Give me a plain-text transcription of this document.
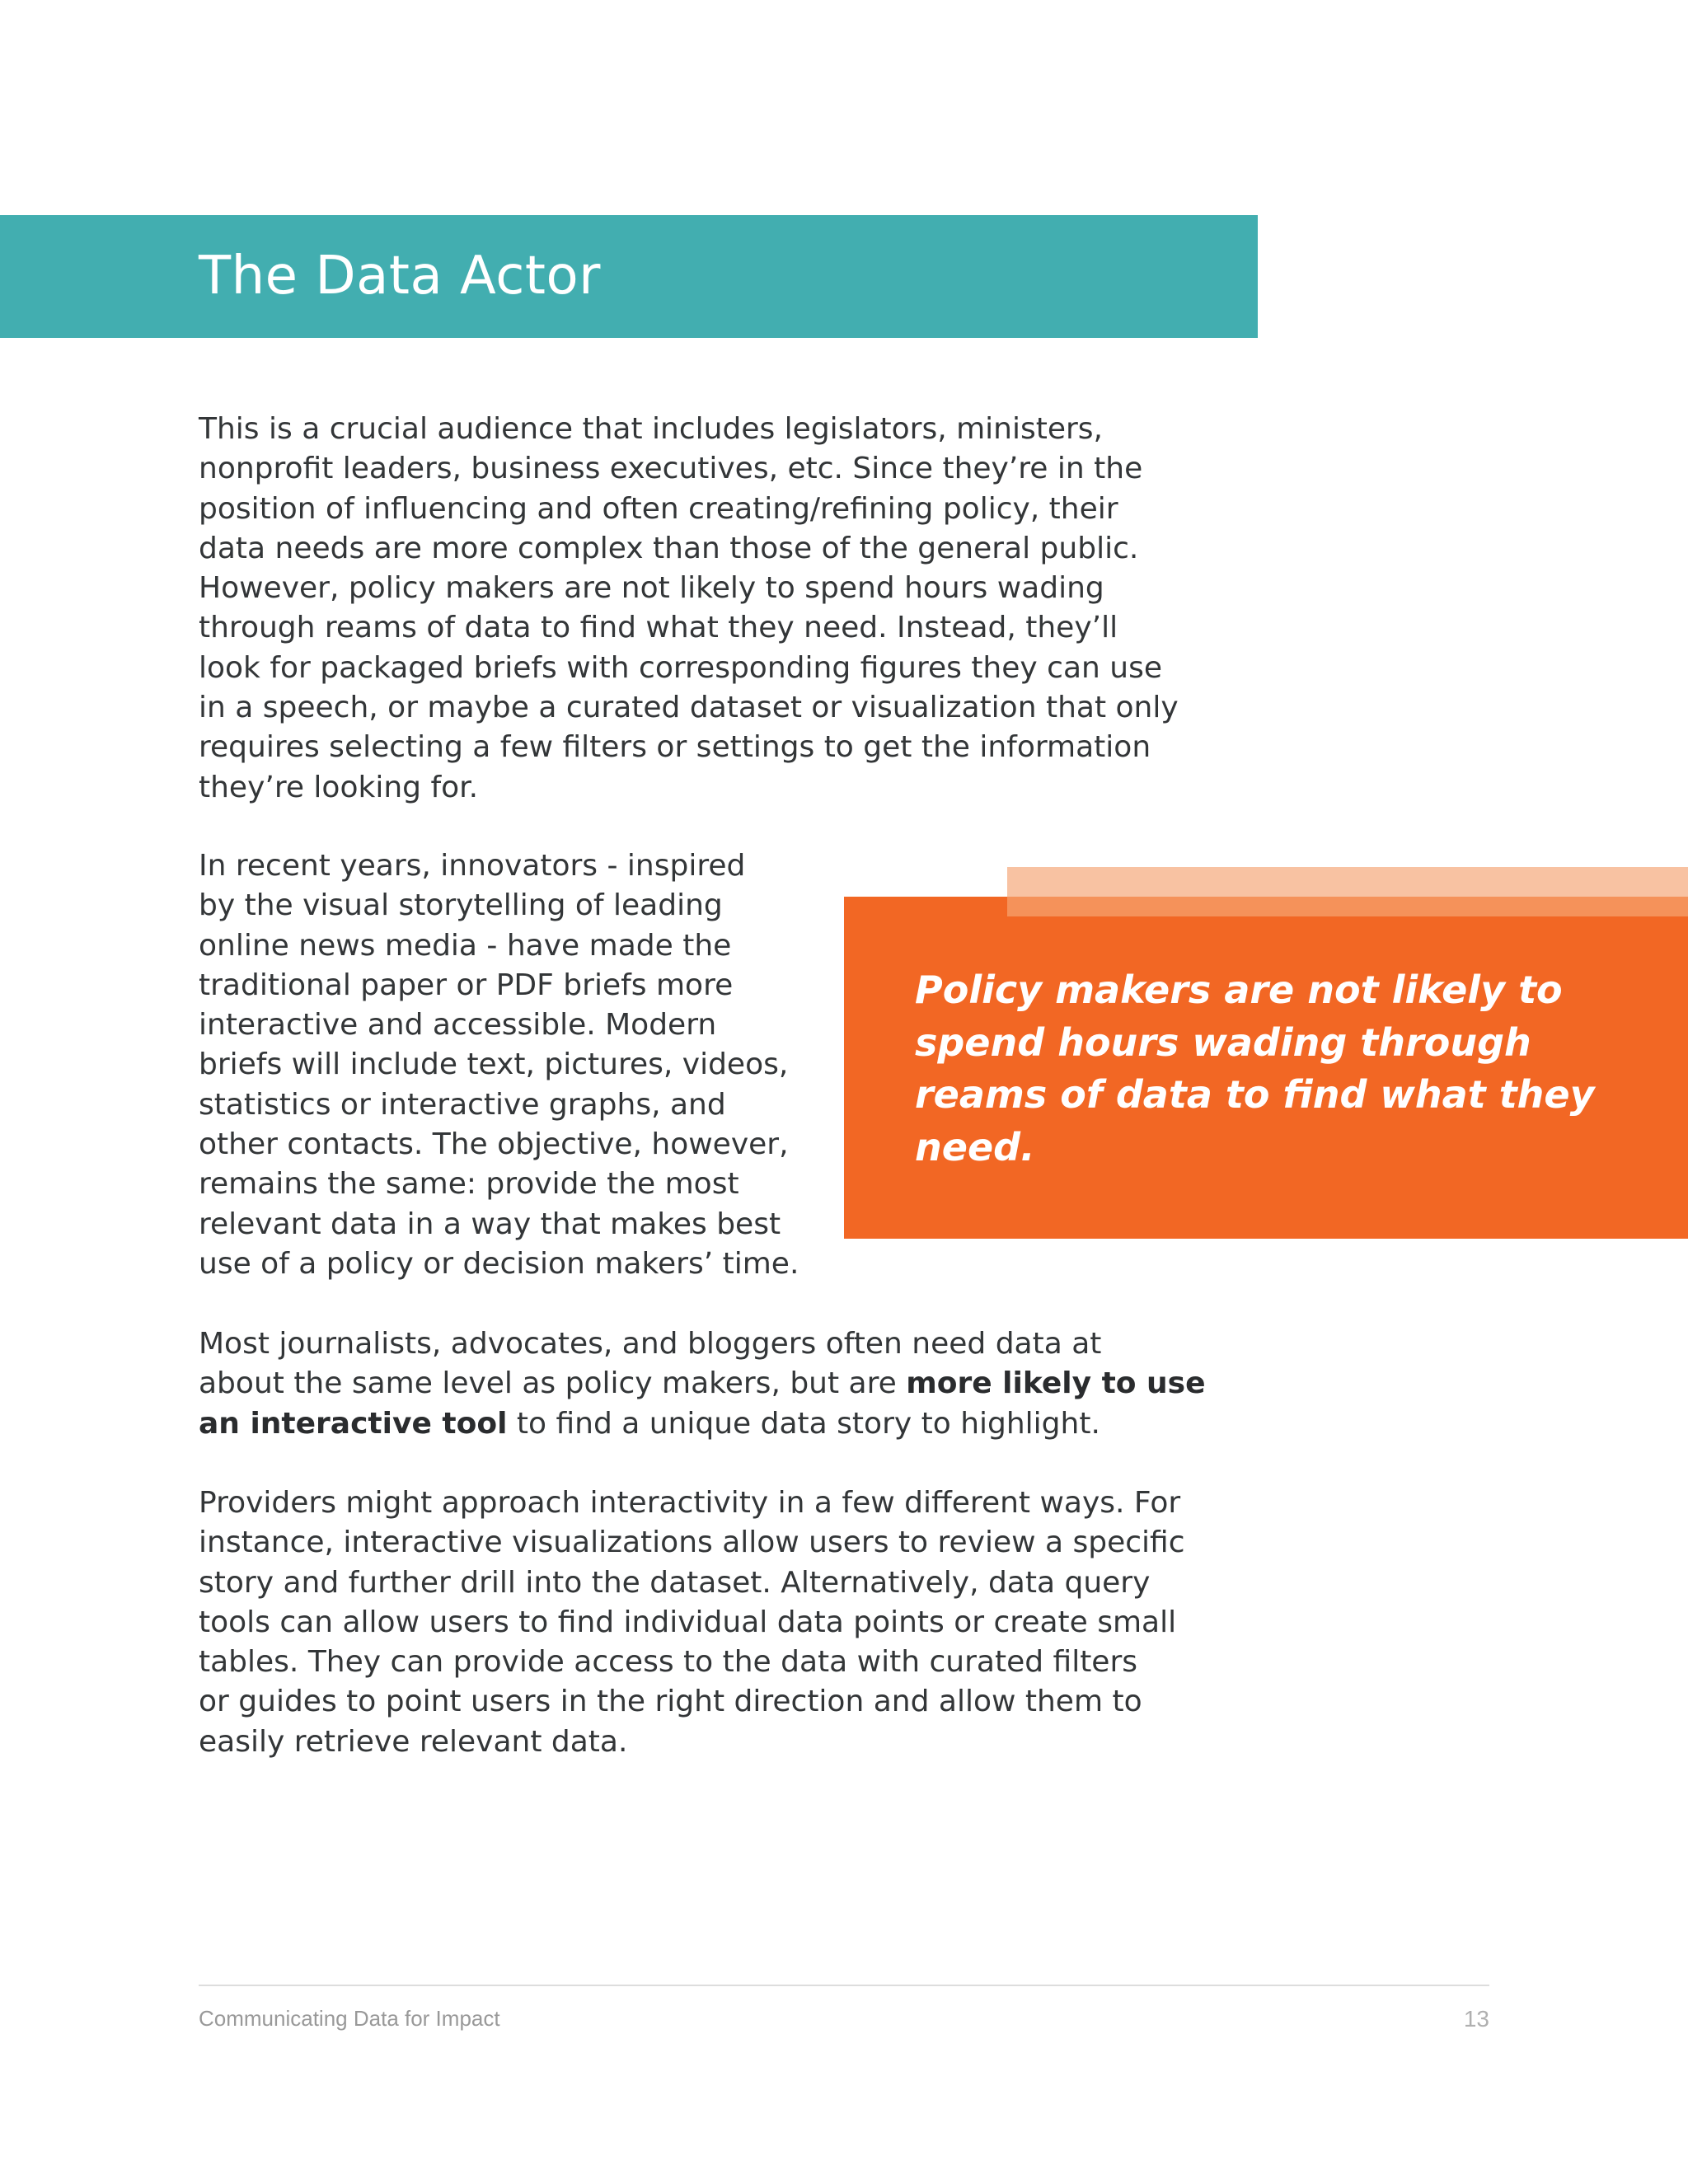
The Data Actor

This is a crucial audience that includes legislators, ministers,
nonprofit leaders, business executives, etc. Since they’re in the
position of influencing and often creating/refining policy, their
data needs are more complex than those of the general public.
However, policy makers are not likely to spend hours wading
through reams of data to find what they need. Instead, they’ll
look for packaged briefs with corresponding figures they can use
in a speech, or maybe a curated dataset or visualization that only
requires selecting a few filters or settings to get the information
they’re looking for.

In recent years, innovators - inspired
by the visual storytelling of leading
online news media - have made the
traditional paper or PDF briefs more
interactive and accessible. Modern
briefs will include text, pictures, videos,
statistics or interactive graphs, and
other contacts. The objective, however,
remains the same: provide the most
relevant data in a way that makes best
use of a policy or decision makers’ time.

Policy makers are not likely to
spend hours wading through
reams of data to find what they
need.

Most journalists, advocates, and bloggers often need data at
about the same level as policy makers, but are more likely to use
an interactive tool to find a unique data story to highlight.

Providers might approach interactivity in a few different ways. For
instance, interactive visualizations allow users to review a specific
story and further drill into the dataset. Alternatively, data query
tools can allow users to find individual data points or create small
tables. They can provide access to the data with curated filters
or guides to point users in the right direction and allow them to
easily retrieve relevant data.

Communicating Data for Impact	13
